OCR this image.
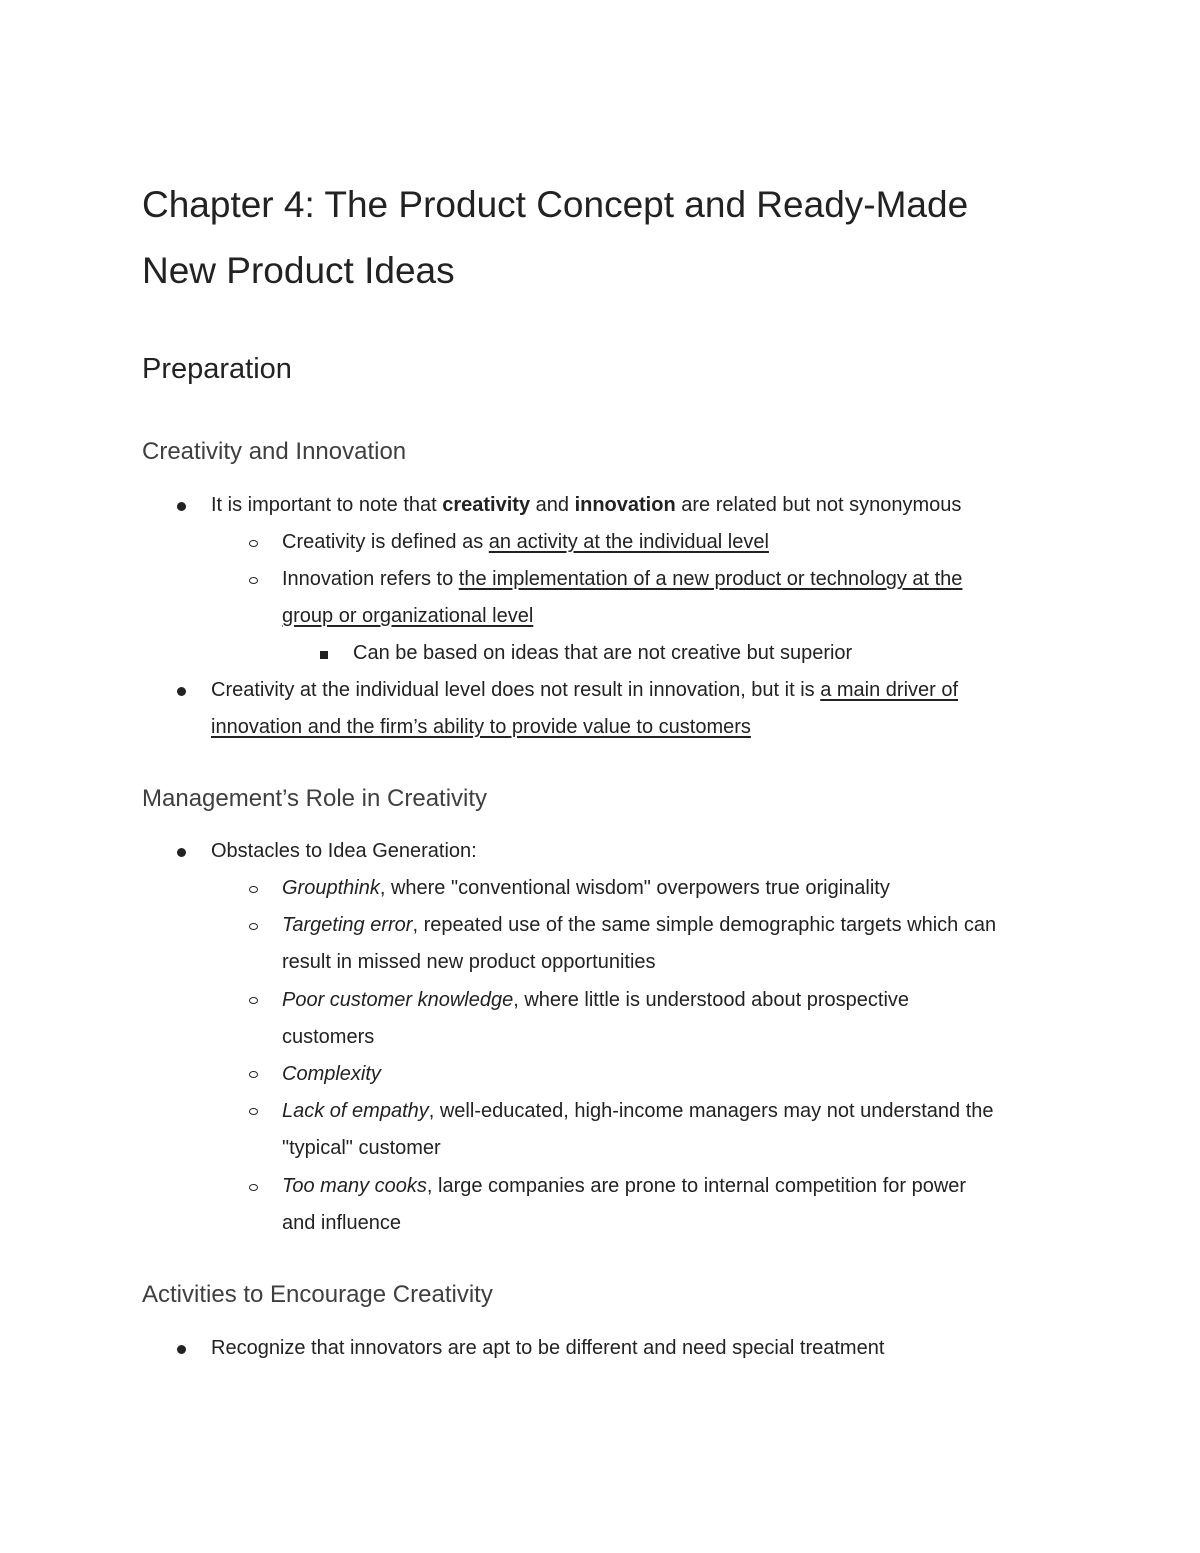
Chapter 4: The Product Concept and Ready-Made
New Product Ideas
Preparation
Creativity and Innovation
It is important to note that creativity and innovation are related but not synonymous
Creativity is defined as an activity at the individual level
Innovation refers to the implementation of a new product or technology at the
group or organizational level
Can be based on ideas that are not creative but superior
Creativity at the individual level does not result in innovation, but it is a main driver of
innovation and the firm’s ability to provide value to customers
Management’s Role in Creativity
Obstacles to Idea Generation:
Groupthink, where "conventional wisdom" overpowers true originality
Targeting error, repeated use of the same simple demographic targets which can
result in missed new product opportunities
Poor customer knowledge, where little is understood about prospective
customers
Complexity
Lack of empathy, well-educated, high-income managers may not understand the
"typical" customer
Too many cooks, large companies are prone to internal competition for power
and influence
Activities to Encourage Creativity
Recognize that innovators are apt to be different and need special treatment
